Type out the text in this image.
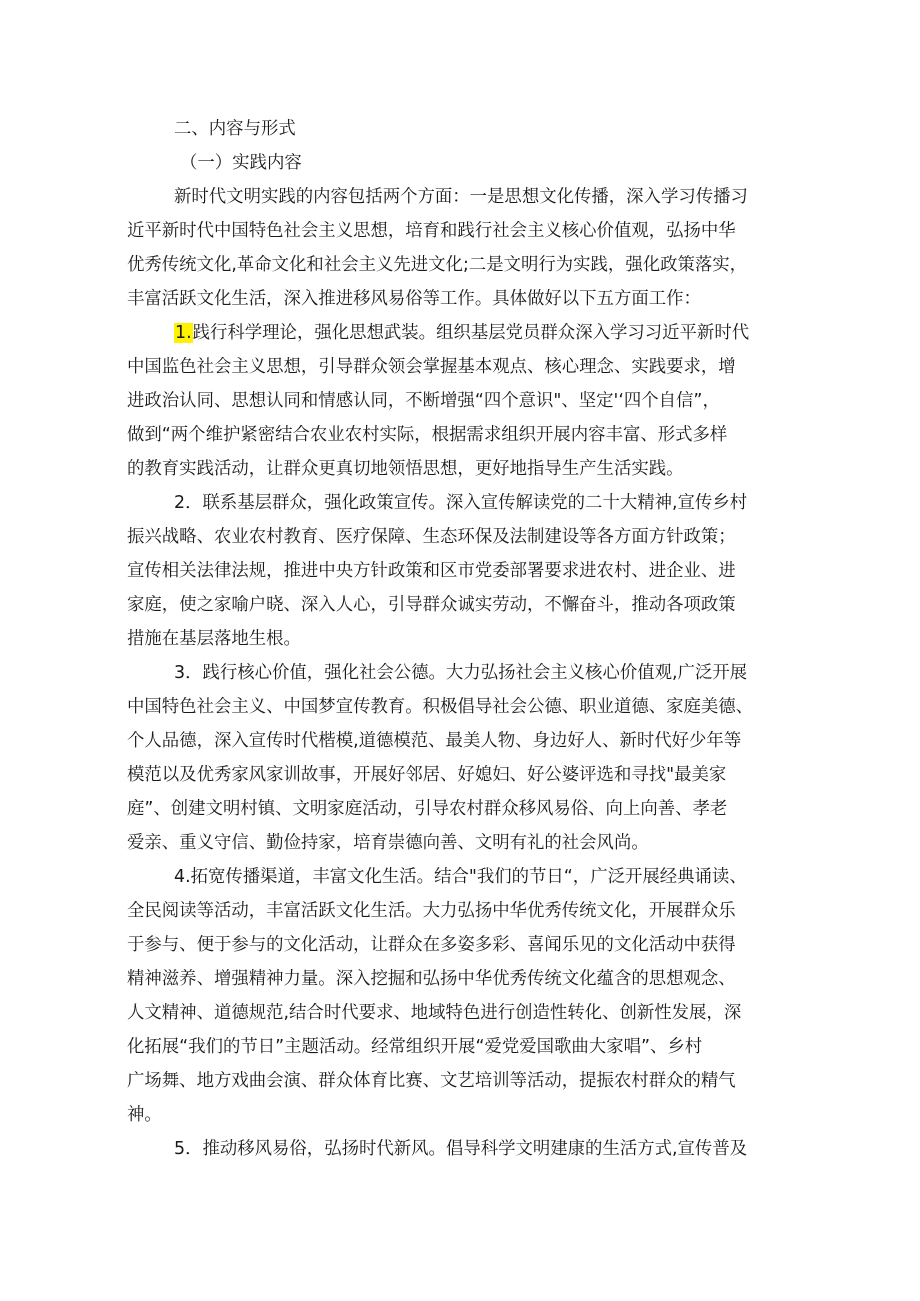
二、内容与形式
（一）实践内容
新时代文明实践的内容包括两个方面：一是思想文化传播，深入学习传播习
近平新时代中国特色社会主义思想，培育和践行社会主义核心价值观，弘扬中华
优秀传统文化,革命文化和社会主义先进文化;二是文明行为实践，强化政策落实，
丰富活跃文化生活，深入推进移风易俗等工作。具体做好以下五方面工作：
1.践行科学理论，强化思想武装。组织基层党员群众深入学习习近平新时代
中国监色社会主义思想，引导群众领会掌握基本观点、核心理念、实践要求，增
进政治认同、思想认同和情感认同，不断增强“四个意识"、坚定'‘四个自信”，
做到“两个维护紧密结合农业农村实际，根据需求组织开展内容丰富、形式多样
的教育实践活动，让群众更真切地领悟思想，更好地指导生产生活实践。
2．联系基层群众，强化政策宣传。深入宣传解读党的二十大精神,宣传乡村
振兴战略、农业农村教育、医疗保障、生态环保及法制建设等各方面方针政策；
宣传相关法律法规，推进中央方针政策和区市党委部署要求进农村、进企业、进
家庭，使之家喻户晓、深入人心，引导群众诚实劳动，不懈奋斗，推动各项政策
措施在基层落地生根。
3．践行核心价值，强化社会公德。大力弘扬社会主义核心价值观,广泛开展
中国特色社会主义、中国梦宣传教育。积极倡导社会公德、职业道德、家庭美德、
个人品德，深入宣传时代楷模,道德模范、最美人物、身边好人、新时代好少年等
模范以及优秀家风家训故事，开展好邻居、好媳妇、好公婆评选和寻找"最美家
庭”、创建文明村镇、文明家庭活动，引导农村群众移风易俗、向上向善、孝老
爱亲、重义守信、勤俭持家，培育崇德向善、文明有礼的社会风尚。
4.拓宽传播渠道，丰富文化生活。结合"我们的节日“，广泛开展经典诵读、
全民阅读等活动，丰富活跃文化生活。大力弘扬中华优秀传统文化，开展群众乐
于参与、便于参与的文化活动，让群众在多姿多彩、喜闻乐见的文化活动中获得
精神滋养、增强精神力量。深入挖掘和弘扬中华优秀传统文化蕴含的思想观念、
人文精神、道德规范,结合时代要求、地域特色进行创造性转化、创新性发展，深
化拓展“我们的节日”主题活动。经常组织开展“爱党爱国歌曲大家唱”、乡村
广场舞、地方戏曲会演、群众体育比赛、文艺培训等活动，提振农村群众的精气
神。
5．推动移风易俗，弘扬时代新风。倡导科学文明建康的生活方式,宣传普及
